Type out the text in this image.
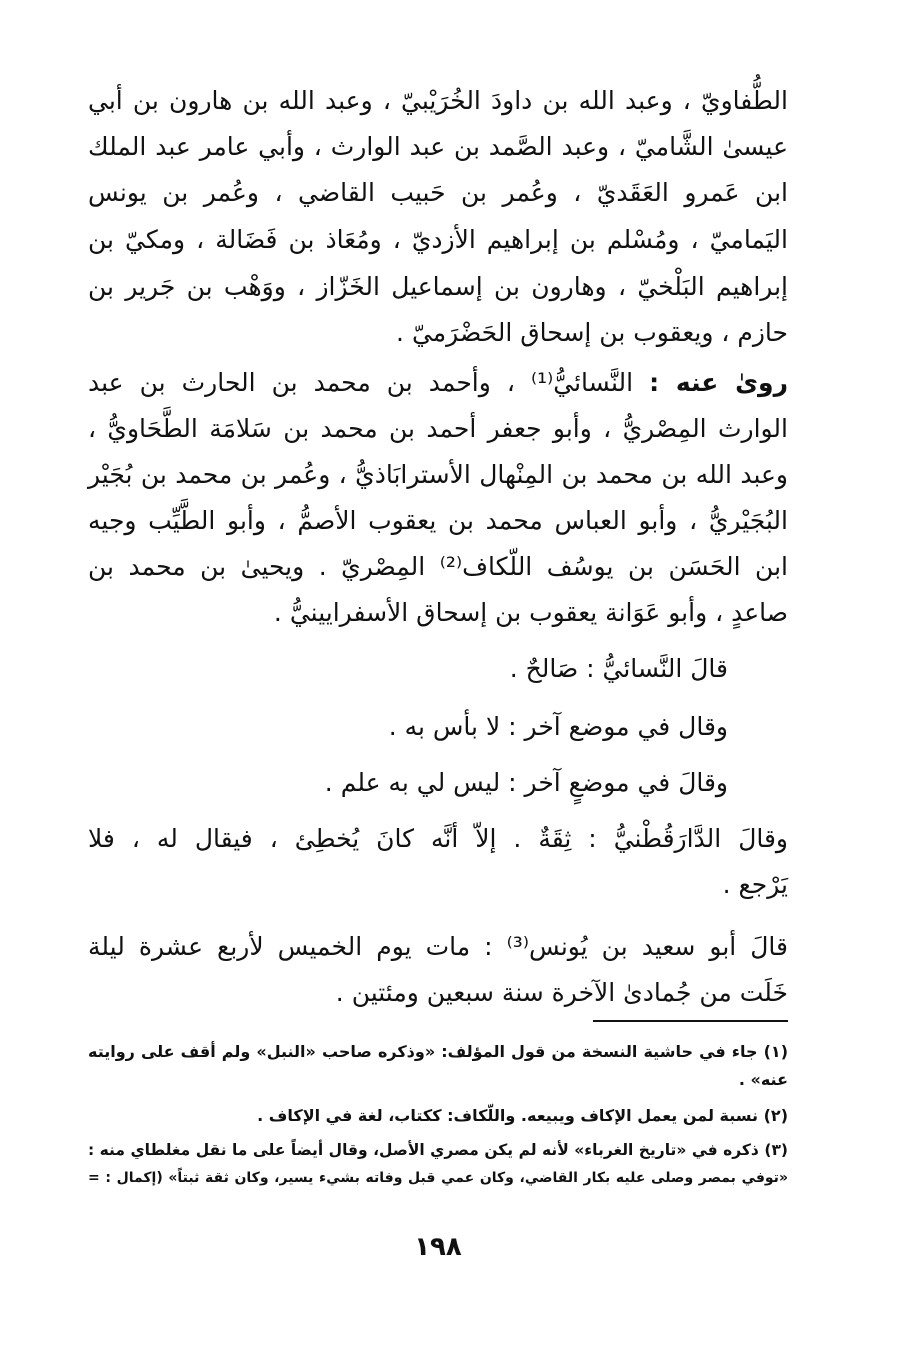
الطُّفاويّ ، وعبد الله بن داودَ الخُرَيْبيّ ، وعبد الله بن هارون بن أبي
عيسىٰ الشَّاميّ ، وعبد الصَّمد بن عبد الوارث ، وأبي عامر عبد الملك
ابن عَمرو العَقَديّ ، وعُمر بن حَبيب القاضي ، وعُمر بن يونس
اليَماميّ ، ومُسْلم بن إبراهيم الأزديّ ، ومُعَاذ بن فَضَالة ، ومكيّ بن
إبراهيم البَلْخيّ ، وهارون بن إسماعيل الخَزّاز ، ووَهْب بن جَرير بن
حازم ، ويعقوب بن إسحاق الحَضْرَميّ .
روىٰ عنه : النَّسائيُّ⁽¹⁾ ، وأحمد بن محمد بن الحارث بن عبد
الوارث المِصْريُّ ، وأبو جعفر أحمد بن محمد بن سَلامَة الطَّحَاويُّ ،
وعبد الله بن محمد بن المِنْهال الأسترابَاذيُّ ، وعُمر بن محمد بن بُجَيْر
البُجَيْريُّ ، وأبو العباس محمد بن يعقوب الأصمُّ ، وأبو الطَّيِّب وجيه
ابن الحَسَن بن يوسُف اللّكاف⁽²⁾ المِصْريّ . ويحيىٰ بن محمد بن
صاعدٍ ، وأبو عَوَانة يعقوب بن إسحاق الأسفرايينيُّ .
قالَ النَّسائيُّ : صَالحٌ .
وقال في موضع آخر : لا بأس به .
وقالَ في موضعٍ آخر : ليس لي به علم .
وقالَ الدَّارَقُطْنيُّ : ثِقَةٌ . إلاّ أنَّه كانَ يُخطِئ ، فيقال له ، فلا
يَرْجع .
قالَ أبو سعيد بن يُونس⁽³⁾ : مات يوم الخميس لأربع عشرة ليلة
خَلَت من جُمادىٰ الآخرة سنة سبعين ومئتين .
(١) جاء في حاشية النسخة من قول المؤلف: «وذكره صاحب «النبل» ولم أقف على روايته
عنه» .
(٢) نسبة لمن يعمل الإكاف ويبيعه. واللّكاف: ككتاب، لغة في الإكاف .
(٣) ذكره في «تاريخ الغرباء» لأنه لم يكن مصري الأصل، وقال أيضاً على ما نقل مغلطاي منه :
«توفي بمصر وصلى عليه بكار القاضي، وكان عمي قبل وفاته بشيء يسير، وكان ثقة ثبتاً» (إكمال : =
١٩٨
